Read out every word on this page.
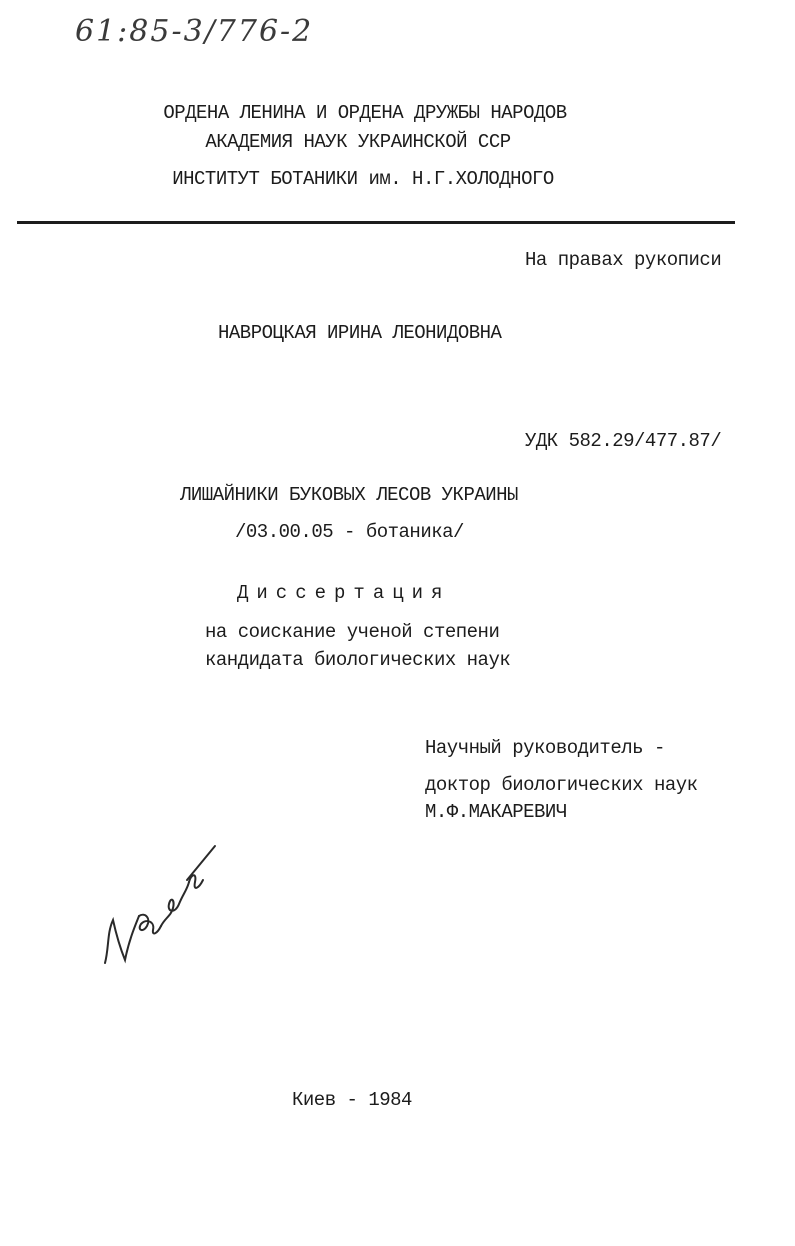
61:85-3/776-2
ОРДЕНА ЛЕНИНА И ОРДЕНА ДРУЖБЫ НАРОДОВ
АКАДЕМИЯ НАУК УКРАИНСКОЙ ССР
ИНСТИТУТ БОТАНИКИ им. Н.Г.ХОЛОДНОГО
На правах рукописи
НАВРОЦКАЯ ИРИНА ЛЕОНИДОВНА
УДК 582.29/477.87/
ЛИШАЙНИКИ БУКОВЫХ ЛЕСОВ УКРАИНЫ
/03.00.05 - ботаника/
Диссертация
на соискание ученой степени
кандидата биологических наук
Научный руководитель -
доктор биологических наук
М.Ф.МАКАРЕВИЧ
Киев - 1984
